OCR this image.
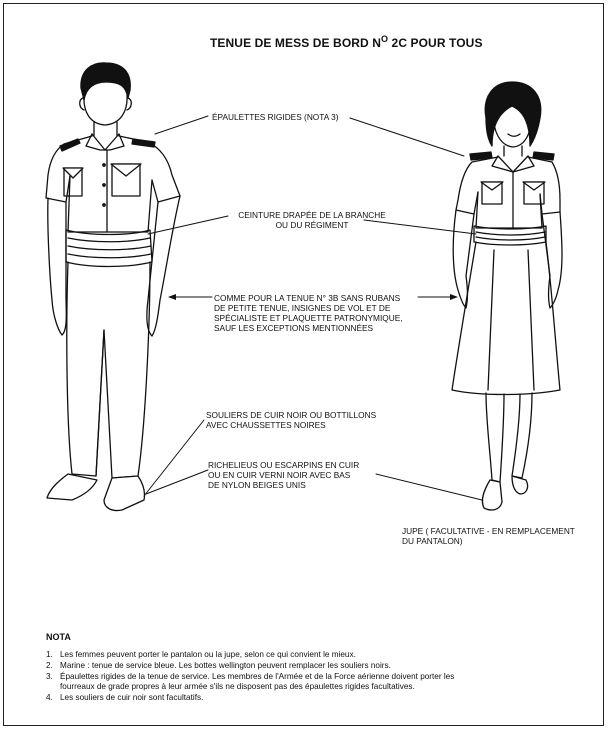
TENUE DE MESS DE BORD $N^O$ 2C POUR TOUS
ÉPAULETTES RIGIDES (NOTA 3)
CEINTURE DRAPÉE DE LA BRANCHE
OU DU RÉGIMENT
COMME POUR LA TENUE N° 3B SANS RUBANS
DE PETITE TENUE, INSIGNES DE VOL ET DE
SPÉCIALISTE ET PLAQUETTE PATRONYMIQUE,
SAUF LES EXCEPTIONS MENTIONNÉES
SOULIERS DE CUIR NOIR OU BOTTILLONS
AVEC CHAUSSETTES NOIRES
RICHELIEUS OU ESCARPINS EN CUIR
OU EN CUIR VERNI NOIR AVEC BAS
DE NYLON BEIGES UNIS
JUPE ( FACULTATIVE ‑ EN REMPLACEMENT
DU PANTALON)
NOTA
1. Les femmes peuvent porter le pantalon ou la jupe, selon ce qui convient le mieux.
2. Marine : tenue de service bleue. Les bottes wellington peuvent remplacer les souliers noirs.
3. Épaulettes rigides de la tenue de service. Les membres de l'Armée et de la Force aérienne doivent porter les fourreaux de grade propres à leur armée s'ils ne disposent pas des épaulettes rigides facultatives.
4. Les souliers de cuir noir sont facultatifs.
